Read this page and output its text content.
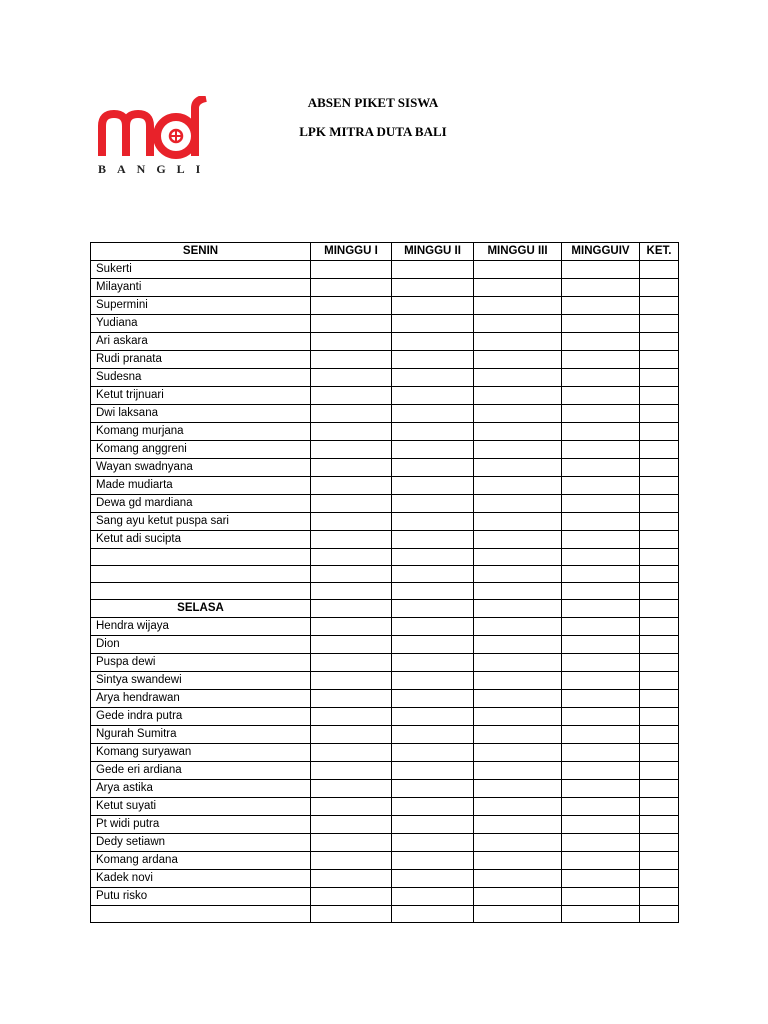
BANGLI
ABSEN PIKET SISWA
LPK MITRA DUTA BALI
SENIN	MINGGU I	MINGGU II	MINGGU III	MINGGUIV	KET.
Sukerti					
Milayanti					
Supermini					
Yudiana					
Ari askara					
Rudi pranata					
Sudesna					
Ketut trijnuari					
Dwi laksana					
Komang murjana					
Komang anggreni					
Wayan swadnyana					
Made mudiarta					
Dewa gd mardiana					
Sang ayu ketut puspa sari					
Ketut adi sucipta					

SELASA					
Hendra wijaya					
Dion					
Puspa dewi					
Sintya swandewi					
Arya hendrawan					
Gede indra putra					
Ngurah Sumitra					
Komang suryawan					
Gede eri ardiana					
Arya astika					
Ketut suyati					
Pt widi putra					
Dedy setiawn					
Komang ardana					
Kadek novi					
Putu risko					
